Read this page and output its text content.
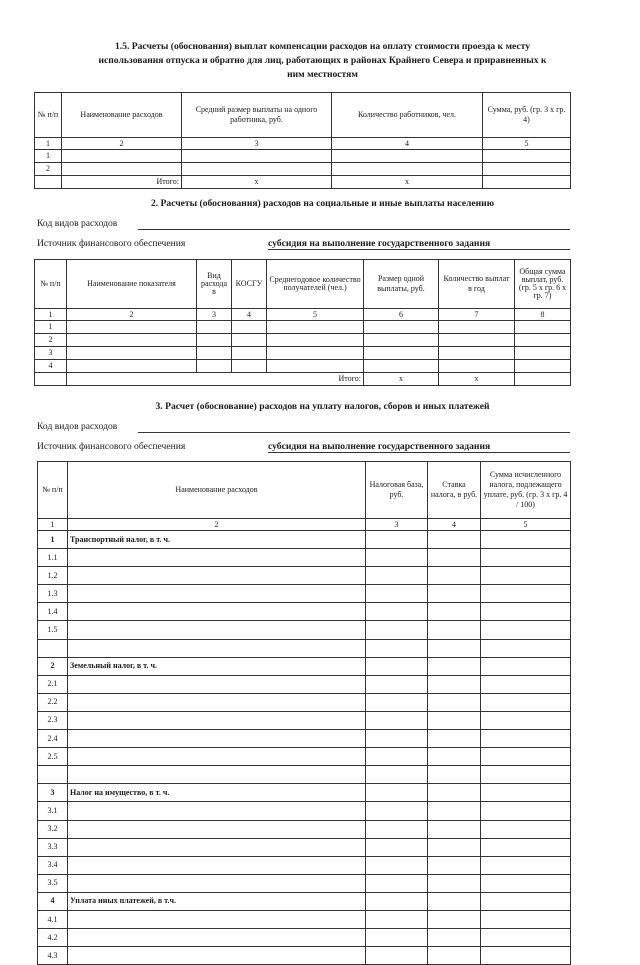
1.5. Расчеты (обоснования) выплат компенсации расходов на оплату стоимости проезда к месту
использования отпуска и обратно для лиц, работающих в районах Крайнего Севера и приравненных к
ним местностям
№ п/п	Наименование расходов	Средний размер выплаты на одного работника, руб.	Количество работников, чел.	Сумма, руб. (гр. 3 х гр. 4)
1	2	3	4	5
1				
2				
	Итого:	х	х	
2. Расчеты (обоснования) расходов на социальные и иные выплаты населению
Код видов расходов
Источник финансового обеспечения	субсидия на выполнение государственного задания
№ п/п	Наименование показателя	Вид расхода в	КОСГУ	Среднегодовое количество получателей (чел.)	Размер одной выплаты, руб.	Количество выплат в год	Общая сумма выплат, руб. (гр. 5 х гр. 6 х гр. 7)
1	2	3	4	5	6	7	8
1							
2							
3							
4							
	Итого:				х	х	
3. Расчет (обоснование) расходов на уплату налогов, сборов и иных платежей
Код видов расходов
Источник финансового обеспечения	субсидия на выполнение государственного задания
№ п/п	Наименование расходов	Налоговая база, руб.	Ставка налога, в руб.	Сумма исчисленного налога, подлежащего уплате, руб. (гр. 3 х гр. 4 / 100)
1	2	3	4	5
1	Транспортный налог, в т. ч.			
1.1				
1.2				
1.3				
1.4				
1.5				

2	Земельный налог, в т. ч.			
2.1				
2.2				
2.3				
2.4				
2.5				

3	Налог на имущество, в т. ч.			
3.1				
3.2				
3.3				
3.4				
3.5				
4	Уплата иных платежей, в т.ч.			
4.1				
4.2				
4.3				
